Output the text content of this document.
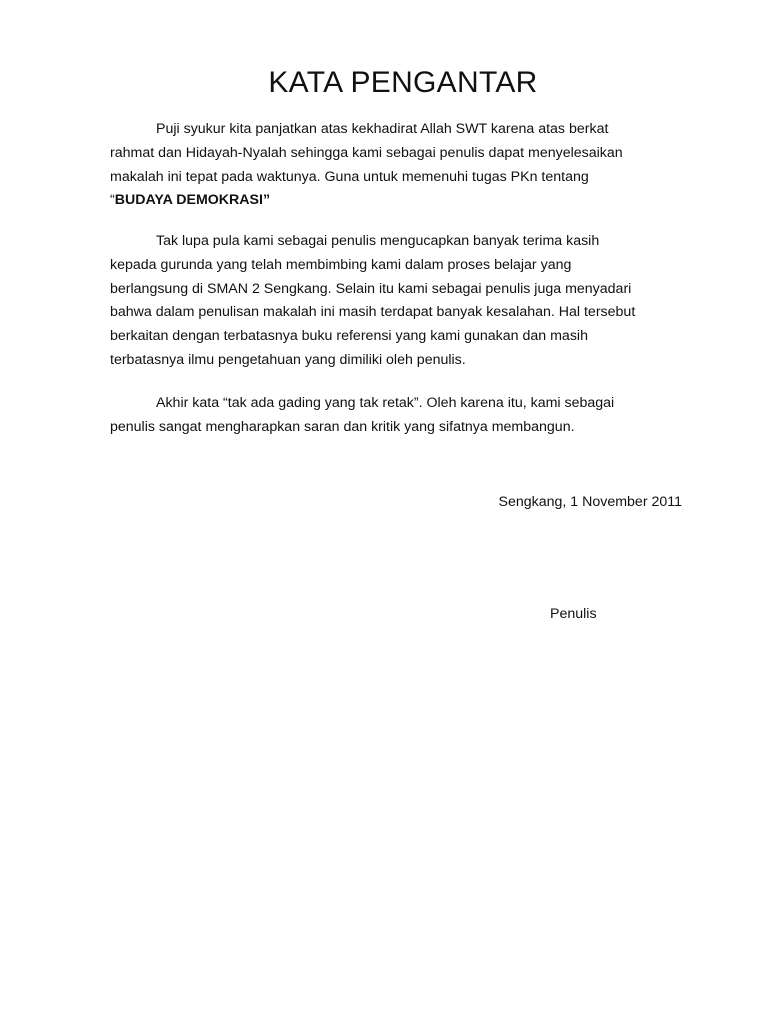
KATA PENGANTAR

Puji syukur kita panjatkan atas kekhadirat Allah SWT karena atas berkat
rahmat dan Hidayah-Nyalah sehingga kami sebagai penulis dapat menyelesaikan
makalah ini tepat pada waktunya. Guna untuk memenuhi tugas PKn tentang
“BUDAYA DEMOKRASI”

Tak lupa pula kami sebagai penulis mengucapkan banyak terima kasih
kepada gurunda yang telah membimbing kami dalam proses belajar yang
berlangsung di SMAN 2 Sengkang. Selain itu kami sebagai penulis juga menyadari
bahwa dalam penulisan makalah ini masih terdapat banyak kesalahan. Hal tersebut
berkaitan dengan terbatasnya buku referensi yang kami gunakan dan masih
terbatasnya ilmu pengetahuan yang dimiliki oleh penulis.

Akhir kata “tak ada gading yang tak retak”. Oleh karena itu, kami sebagai
penulis sangat mengharapkan saran dan kritik yang sifatnya membangun.

Sengkang, 1 November 2011

Penulis
